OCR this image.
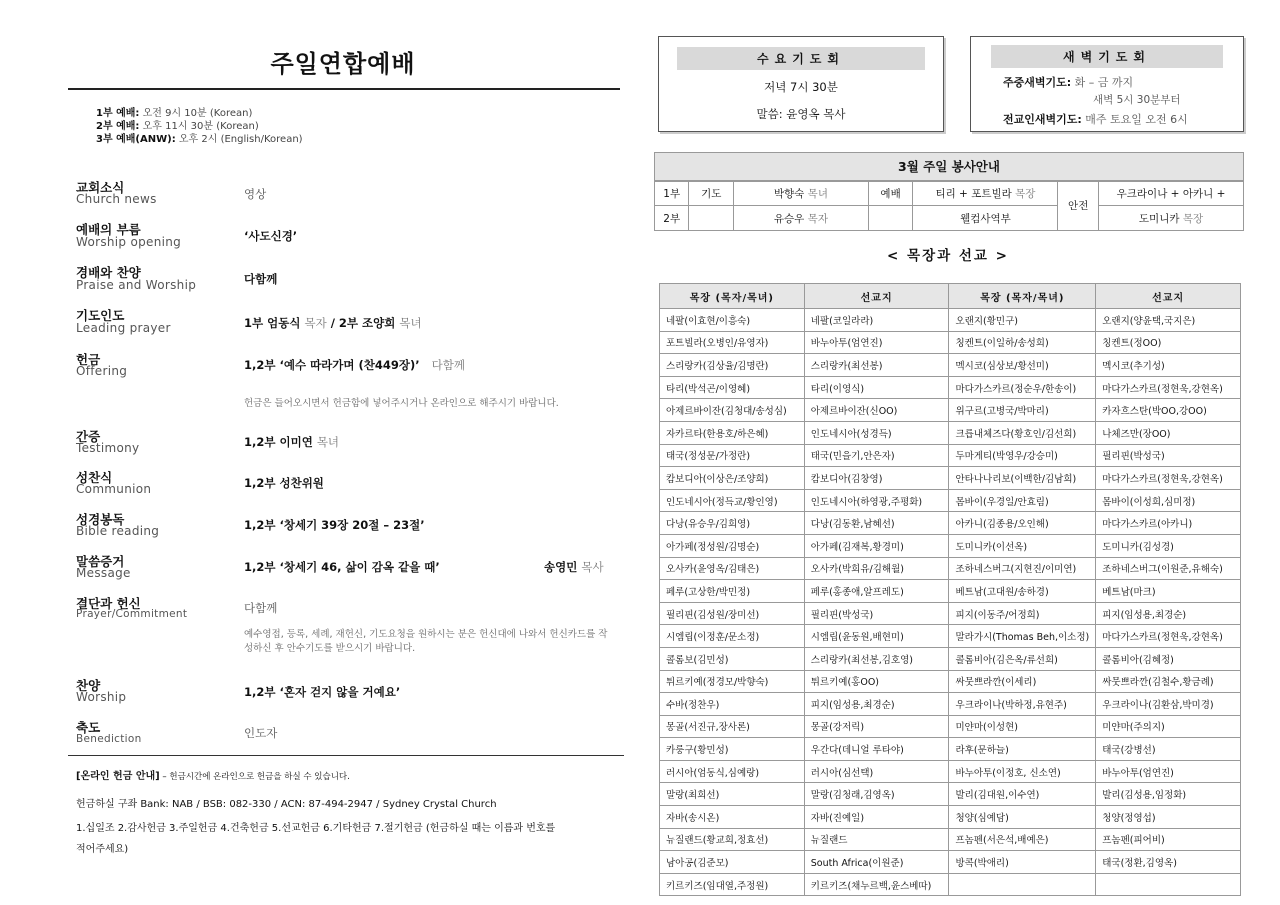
주일연합예배
1부 예배: 오전 9시 10분 (Korean)
2부 예배: 오후 11시 30분 (Korean)
3부 예배(ANW): 오후 2시 (English/Korean)
교회소식
Church news	영상
예배의 부름
Worship opening	‘사도신경’
경배와 찬양
Praise and Worship	다함께
기도인도
Leading prayer	1부 엄동식 목자 / 2부 조양희 목녀
헌금
Offering	1,2부 ‘예수 따라가며 (찬449장)’ 다함께
헌금은 들어오시면서 헌금함에 넣어주시거나 온라인으로 해주시기 바랍니다.
간증
Testimony	1,2부 이미연 목녀
성찬식
Communion	1,2부 성찬위원
성경봉독
Bible reading	1,2부 ‘창세기 39장 20절 – 23절’
말씀증거
Message	1,2부 ‘창세기 46, 삶이 감옥 같을 때’	송영민 목사
결단과 헌신
Prayer/Commitment	다함께
예수영접, 등록, 세례, 재헌신, 기도요청을 원하시는 분은 헌신대에 나와서 헌신카드를 작성하신 후 안수기도를 받으시기 바랍니다.
찬양
Worship	1,2부 ‘혼자 걷지 않을 거예요’
축도
Benediction	인도자
[온라인 헌금 안내] – 헌금시간에 온라인으로 헌금을 하실 수 있습니다.
헌금하실 구좌 Bank: NAB / BSB: 082-330 / ACN: 87-494-2947 / Sydney Crystal Church
1.십일조 2.감사헌금 3.주일헌금 4.건축헌금 5.선교헌금 6.기타헌금 7.절기헌금 (헌금하실 때는 이름과 번호를
적어주세요)
수요기도회
저녁 7시 30분
말씀: 윤영옥 목사
새벽기도회
주중새벽기도: 화 – 금 까지
새벽 5시 30분부터
전교인새벽기도: 매주 토요일 오전 6시
3월 주일 봉사안내
1부	기도	박향숙 목녀	예배	티리 + 포트빌라 목장	안전	우크라이나 + 아카니 +
2부		유승우 목자		웰컴사역부		도미니카 목장
< 목장과 선교 >
목장 (목자/목녀)	선교지	목장 (목자/목녀)	선교지
네팔(이효현/이흥숙)	네팔(코일라라)	오랜지(황민구)	오랜지(양윤택,국지은)
포트빌라(오병인/유영자)	바누아투(엄연진)	칭켄트(이일하/송성희)	칭켄트(정OO)
스리랑카(김상율/김명란)	스리랑카(최선봉)	멕시코(심상보/황선미)	멕시코(추기성)
타리(박석곤/이영혜)	타리(이영식)	마다가스카르(정순우/한송이)	마다가스카르(정현욱,강현옥)
아제르바이잔(김청대/송성심)	아제르바이잔(신OO)	위구르(고병국/박마리)	카자흐스탄(박OO,강OO)
자카르타(한용호/하은혜)	인도네시아(성경득)	크릅내체즈다(황호인/김선희)	나체즈만(장OO)
태국(정성문/가정란)	태국(민을기,안은자)	두마게티(박영우/강승미)	필리핀(박성국)
캄보디아(이상은/조양희)	캄보디아(김창영)	안타나나리보(이백한/김남희)	마다가스카르(정현욱,강현옥)
인도네시아(정득교/황인영)	인도네시아(하영광,주평화)	몸바이(우경일/안효림)	몸바이(이성희,심미정)
다낭(유승우/김희영)	다낭(김동환,남혜선)	아카니(김종용/오인해)	마다가스카르(아카니)
아가페(정성원/김명순)	아가페(김재복,황경미)	도미니카(이선옥)	도미니카(김성경)
오사카(윤영옥/김태은)	오사카(박희유/김해월)	조하네스버그(지현진/이미연)	조하네스버그(이원준,유해숙)
페루(고상한/박민정)	페루(홍종애,알프레도)	베트남(고대원/송하경)	베트남(마크)
필리핀(김성원/장미선)	필리핀(박성국)	피지(이동주/어정희)	피지(임성용,최경순)
시엠립(이정훈/문소정)	시엠립(윤동원,배현미)	말라가시(Thomas Beh,이소정)	마다가스카르(정현욱,강현옥)
콜롬보(김민성)	스리랑카(최선봉,김호영)	콜롬비아(김은옥/류선희)	콜롬비아(김혜정)
튀르키예(정경모/박향숙)	튀르키예(홍OO)	싸뭇쁘라깐(이세리)	싸뭇쁘라깐(김철수,황금례)
수바(정찬우)	피지(임성용,최경순)	우크라이나(박하정,유현주)	우크라이나(김환삼,박미경)
몽골(서진규,장사론)	몽골(강저릭)	미얀마(이성현)	미얀마(주의지)
카룽구(황민성)	우간다(데니얼 루타야)	라후(문하늘)	태국(강병선)
러시아(엄동식,심예랑)	러시아(심선택)	바누아투(이정호, 신소연)	바누아투(엄연진)
말랑(최희선)	말랑(김청래,김영옥)	발리(김대원,이수연)	발리(김성용,임정화)
자바(송시온)	자바(진예일)	청양(심예담)	청양(정영섭)
뉴질랜드(황교희,정효선)	뉴질랜드	프놈펜(서은석,배예은)	프놈펜(피어비)
남아공(김준모)	South Africa(이원준)	방콕(박애리)	태국(정환,김영옥)
키르키즈(임대열,주정원)	키르키즈(채누르백,윤스베따)		
